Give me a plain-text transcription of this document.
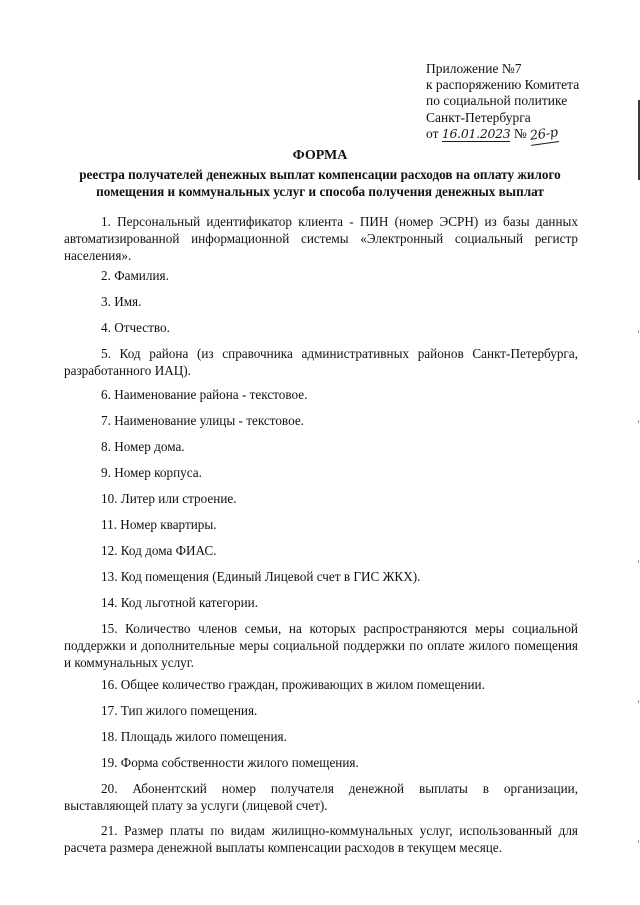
Приложение №7
к распоряжению Комитета
по социальной политике
Санкт-Петербурга
от 16.01.2023 № 26-р
ФОРМА
реестра получателей денежных выплат компенсации расходов на оплату жилого
помещения и коммунальных услуг и способа получения денежных выплат

1. Персональный идентификатор клиента - ПИН (номер ЭСРН) из базы данных автоматизированной информационной системы «Электронный социальный регистр населения».

2. Фамилия.

3. Имя.

4. Отчество.

5. Код района (из справочника административных районов Санкт-Петербурга, разработанного ИАЦ).

6. Наименование района - текстовое.

7. Наименование улицы - текстовое.

8. Номер дома.

9. Номер корпуса.

10. Литер или строение.

11. Номер квартиры.

12. Код дома ФИАС.

13. Код помещения (Единый Лицевой счет в ГИС ЖКХ).

14. Код льготной категории.

15. Количество членов семьи, на которых распространяются меры социальной поддержки и дополнительные меры социальной поддержки по оплате жилого помещения и коммунальных услуг.

16. Общее количество граждан, проживающих в жилом помещении.

17. Тип жилого помещения.

18. Площадь жилого помещения.

19. Форма собственности жилого помещения.

20. Абонентский номер получателя денежной выплаты в организации, выставляющей плату за услуги (лицевой счет).

21. Размер платы по видам жилищно-коммунальных услуг, использованный для расчета размера денежной выплаты компенсации расходов в текущем месяце.
